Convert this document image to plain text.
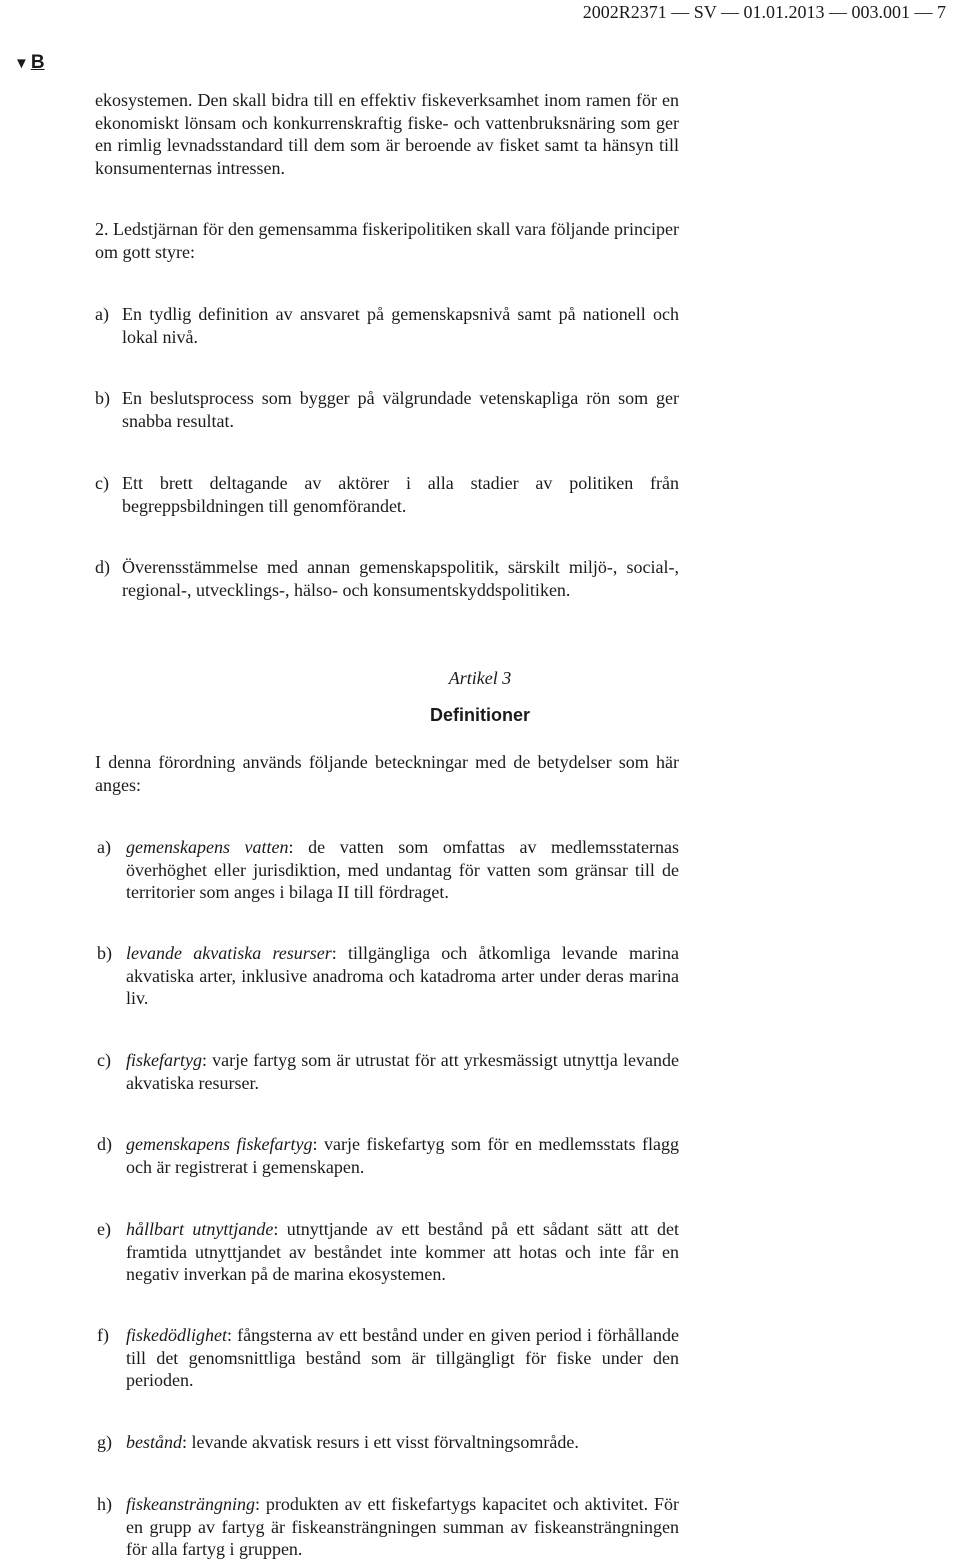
2002R2371 — SV — 01.01.2013 — 003.001 — 7
▼ B

ekosystemen. Den skall bidra till en effektiv fiskeverksamhet inom ramen för en ekonomiskt lönsam och konkurrenskraftig fiske- och vattenbruksnäring som ger en rimlig levnadsstandard till dem som är beroende av fisket samt ta hänsyn till konsumenternas intressen.

2. Ledstjärnan för den gemensamma fiskeripolitiken skall vara följande principer om gott styre:

a) En tydlig definition av ansvaret på gemenskapsnivå samt på nationell och lokal nivå.
b) En beslutsprocess som bygger på välgrundade vetenskapliga rön som ger snabba resultat.
c) Ett brett deltagande av aktörer i alla stadier av politiken från begreppsbildningen till genomförandet.
d) Överensstämmelse med annan gemenskapspolitik, särskilt miljö-, social-, regional-, utvecklings-, hälso- och konsumentskyddspolitiken.

Artikel 3

Definitioner

I denna förordning används följande beteckningar med de betydelser som här anges:

a) gemenskapens vatten: de vatten som omfattas av medlemsstaternas överhöghet eller jurisdiktion, med undantag för vatten som gränsar till de territorier som anges i bilaga II till fördraget.
b) levande akvatiska resurser: tillgängliga och åtkomliga levande marina akvatiska arter, inklusive anadroma och katadroma arter under deras marina liv.
c) fiskefartyg: varje fartyg som är utrustat för att yrkesmässigt utnyttja levande akvatiska resurser.
d) gemenskapens fiskefartyg: varje fiskefartyg som för en medlemsstats flagg och är registrerat i gemenskapen.
e) hållbart utnyttjande: utnyttjande av ett bestånd på ett sådant sätt att det framtida utnyttjandet av beståndet inte kommer att hotas och inte får en negativ inverkan på de marina ekosystemen.
f) fiskedödlighet: fångsterna av ett bestånd under en given period i förhållande till det genomsnittliga bestånd som är tillgängligt för fiske under den perioden.
g) bestånd: levande akvatisk resurs i ett visst förvaltningsområde.
h) fiskeansträngning: produkten av ett fiskefartygs kapacitet och aktivitet. För en grupp av fartyg är fiskeansträngningen summan av fiskeansträngningen för alla fartyg i gruppen.
